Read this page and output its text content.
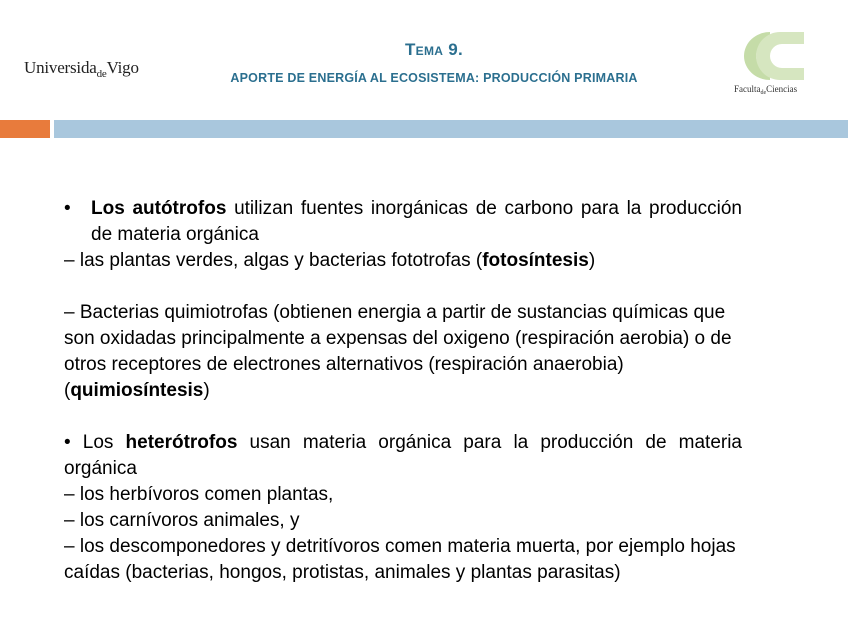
Universida$_{de}$Vigo
Tema 9.
APORTE DE ENERGÍA AL ECOSISTEMA: PRODUCCIÓN PRIMARIA
Faculta$_{de}$Ciencias

• Los autótrofos utilizan fuentes inorgánicas de carbono para la producción de materia orgánica

– las plantas verdes, algas y bacterias fototrofas (fotosíntesis)

– Bacterias quimiotrofas (obtienen energia a partir de sustancias químicas que son oxidadas principalmente a expensas del oxigeno (respiración aerobia) o de otros receptores de electrones alternativos (respiración anaerobia) (quimiosíntesis)

• Los heterótrofos usan materia orgánica para la producción de materia orgánica

– los herbívoros comen plantas,

– los carnívoros animales, y

– los descomponedores y detritívoros comen materia muerta, por ejemplo hojas caídas (bacterias, hongos, protistas, animales y plantas parasitas)
